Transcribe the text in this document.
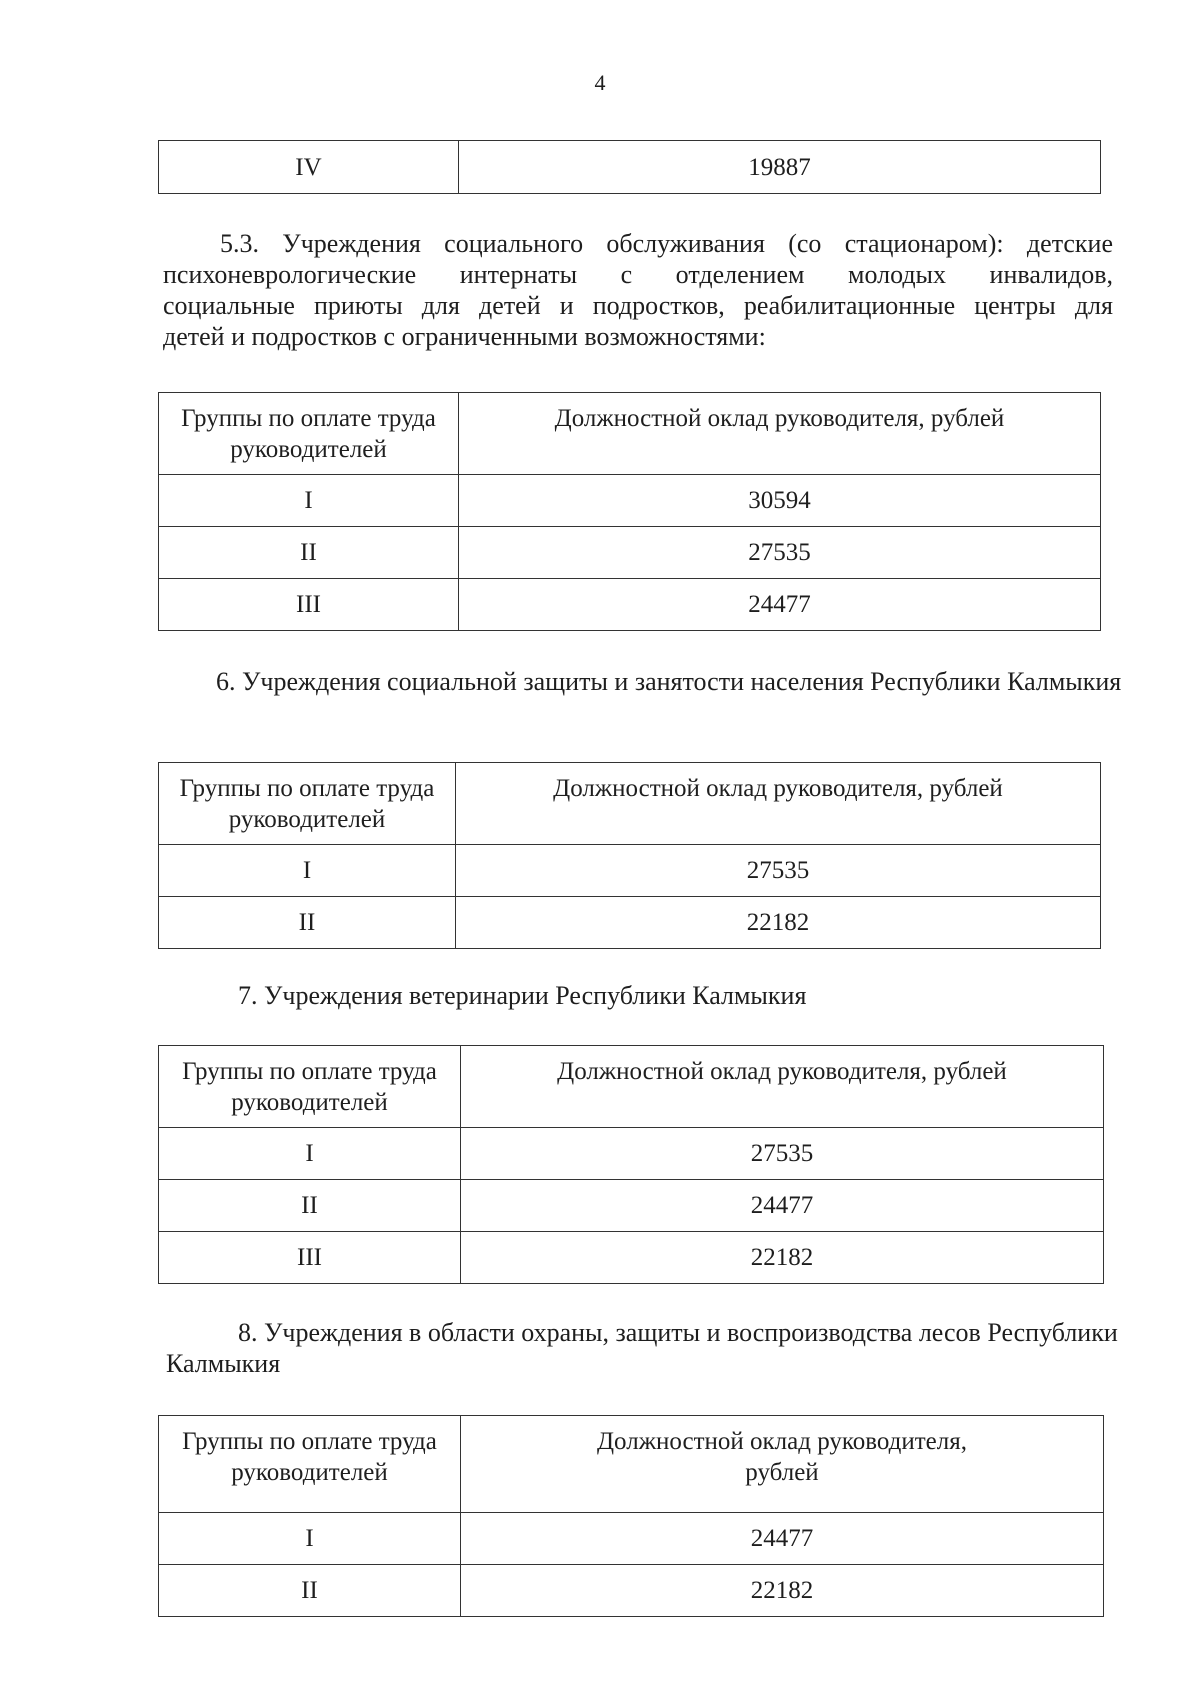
4
IV	19887
5.3. Учреждения социального обслуживания (со стационаром): детские
психоневрологические интернаты с отделением молодых инвалидов,
социальные приюты для детей и подростков, реабилитационные центры для
детей и подростков с ограниченными возможностями:
Группы по оплате труда руководителей	Должностной оклад руководителя, рублей
I	30594
II	27535
III	24477
6. Учреждения социальной защиты и занятости населения Республики Калмыкия
Группы по оплате труда руководителей	Должностной оклад руководителя, рублей
I	27535
II	22182
7. Учреждения ветеринарии Республики Калмыкия
Группы по оплате труда руководителей	Должностной оклад руководителя, рублей
I	27535
II	24477
III	22182
8. Учреждения в области охраны, защиты и воспроизводства лесов Республики Калмыкия
Группы по оплате труда руководителей	Должностной оклад руководителя,
рублей

I	24477
II	22182
